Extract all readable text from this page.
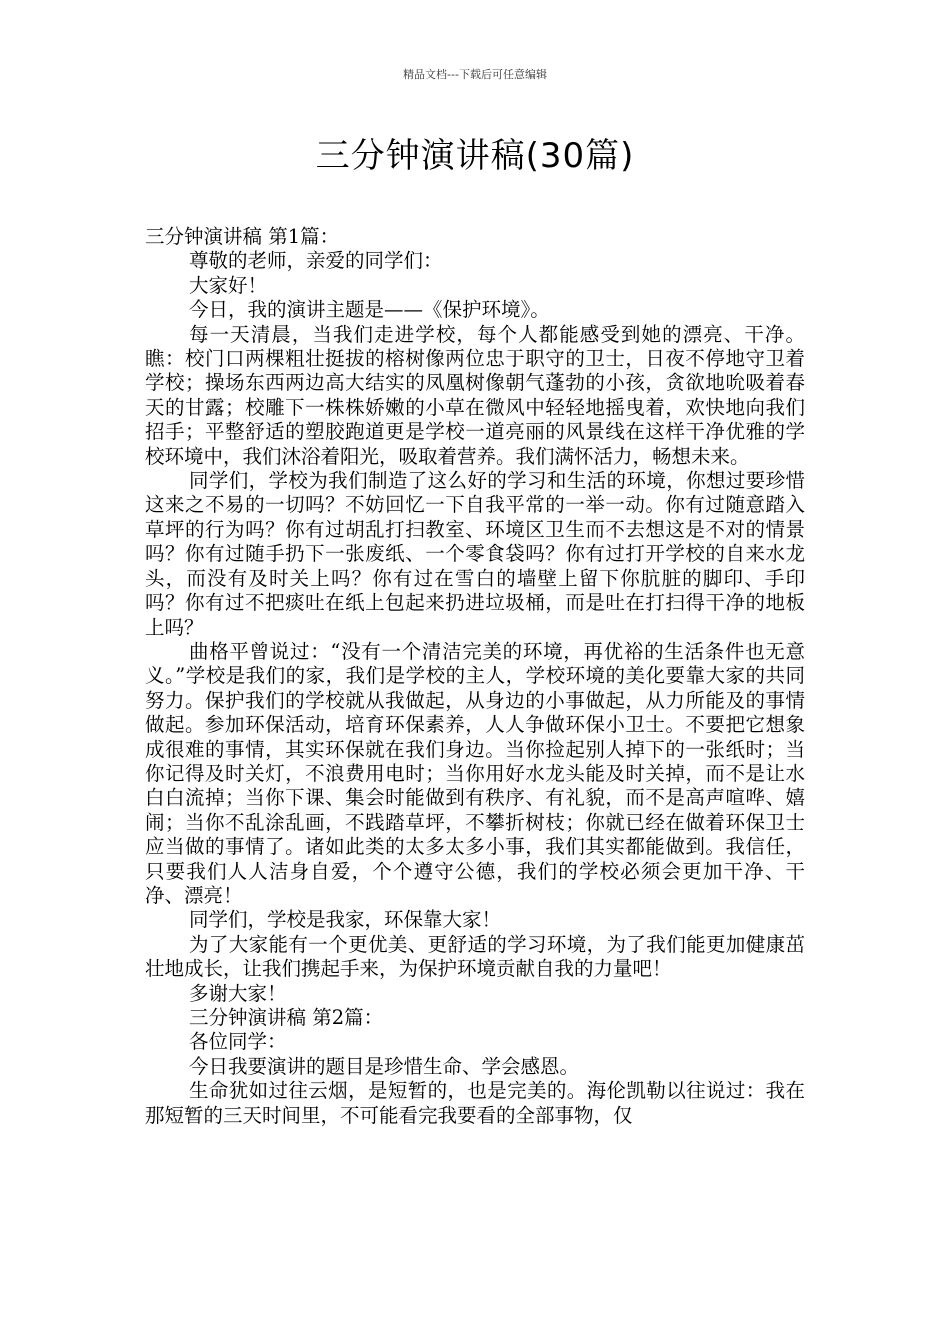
精品文档---下载后可任意编辑
三分钟演讲稿(30篇)

三分钟演讲稿 第1篇：

尊敬的老师，亲爱的同学们：

大家好！

今日，我的演讲主题是——《保护环境》。

每一天清晨，当我们走进学校，每个人都能感受到她的漂亮、干净。瞧：校门口两棵粗壮挺拔的榕树像两位忠于职守的卫士，日夜不停地守卫着学校；操场东西两边高大结实的凤凰树像朝气蓬勃的小孩，贪欲地吮吸着春天的甘露；校雕下一株株娇嫩的小草在微风中轻轻地摇曳着，欢快地向我们招手；平整舒适的塑胶跑道更是学校一道亮丽的风景线在这样干净优雅的学校环境中，我们沐浴着阳光，吸取着营养。我们满怀活力，畅想未来。

同学们，学校为我们制造了这么好的学习和生活的环境，你想过要珍惜这来之不易的一切吗？不妨回忆一下自我平常的一举一动。你有过随意踏入草坪的行为吗？你有过胡乱打扫教室、环境区卫生而不去想这是不对的情景吗？你有过随手扔下一张废纸、一个零食袋吗？你有过打开学校的自来水龙头，而没有及时关上吗？你有过在雪白的墙壁上留下你肮脏的脚印、手印吗？你有过不把痰吐在纸上包起来扔进垃圾桶，而是吐在打扫得干净的地板上吗？

曲格平曾说过：“没有一个清洁完美的环境，再优裕的生活条件也无意义。”学校是我们的家，我们是学校的主人，学校环境的美化要靠大家的共同努力。保护我们的学校就从我做起，从身边的小事做起，从力所能及的事情做起。参加环保活动，培育环保素养，人人争做环保小卫士。不要把它想象成很难的事情，其实环保就在我们身边。当你捡起别人掉下的一张纸时；当你记得及时关灯，不浪费用电时；当你用好水龙头能及时关掉，而不是让水白白流掉；当你下课、集会时能做到有秩序、有礼貌，而不是高声喧哗、嬉闹；当你不乱涂乱画，不践踏草坪，不攀折树枝；你就已经在做着环保卫士应当做的事情了。诸如此类的太多太多小事，我们其实都能做到。我信任，只要我们人人洁身自爱，个个遵守公德，我们的学校必须会更加干净、干净、漂亮！

同学们，学校是我家，环保靠大家！

为了大家能有一个更优美、更舒适的学习环境，为了我们能更加健康茁壮地成长，让我们携起手来，为保护环境贡献自我的力量吧！

多谢大家！

三分钟演讲稿 第2篇：

各位同学：

今日我要演讲的题目是珍惜生命、学会感恩。

生命犹如过往云烟，是短暂的，也是完美的。海伦凯勒以往说过：我在那短暂的三天时间里，不可能看完我要看的全部事物，仅
